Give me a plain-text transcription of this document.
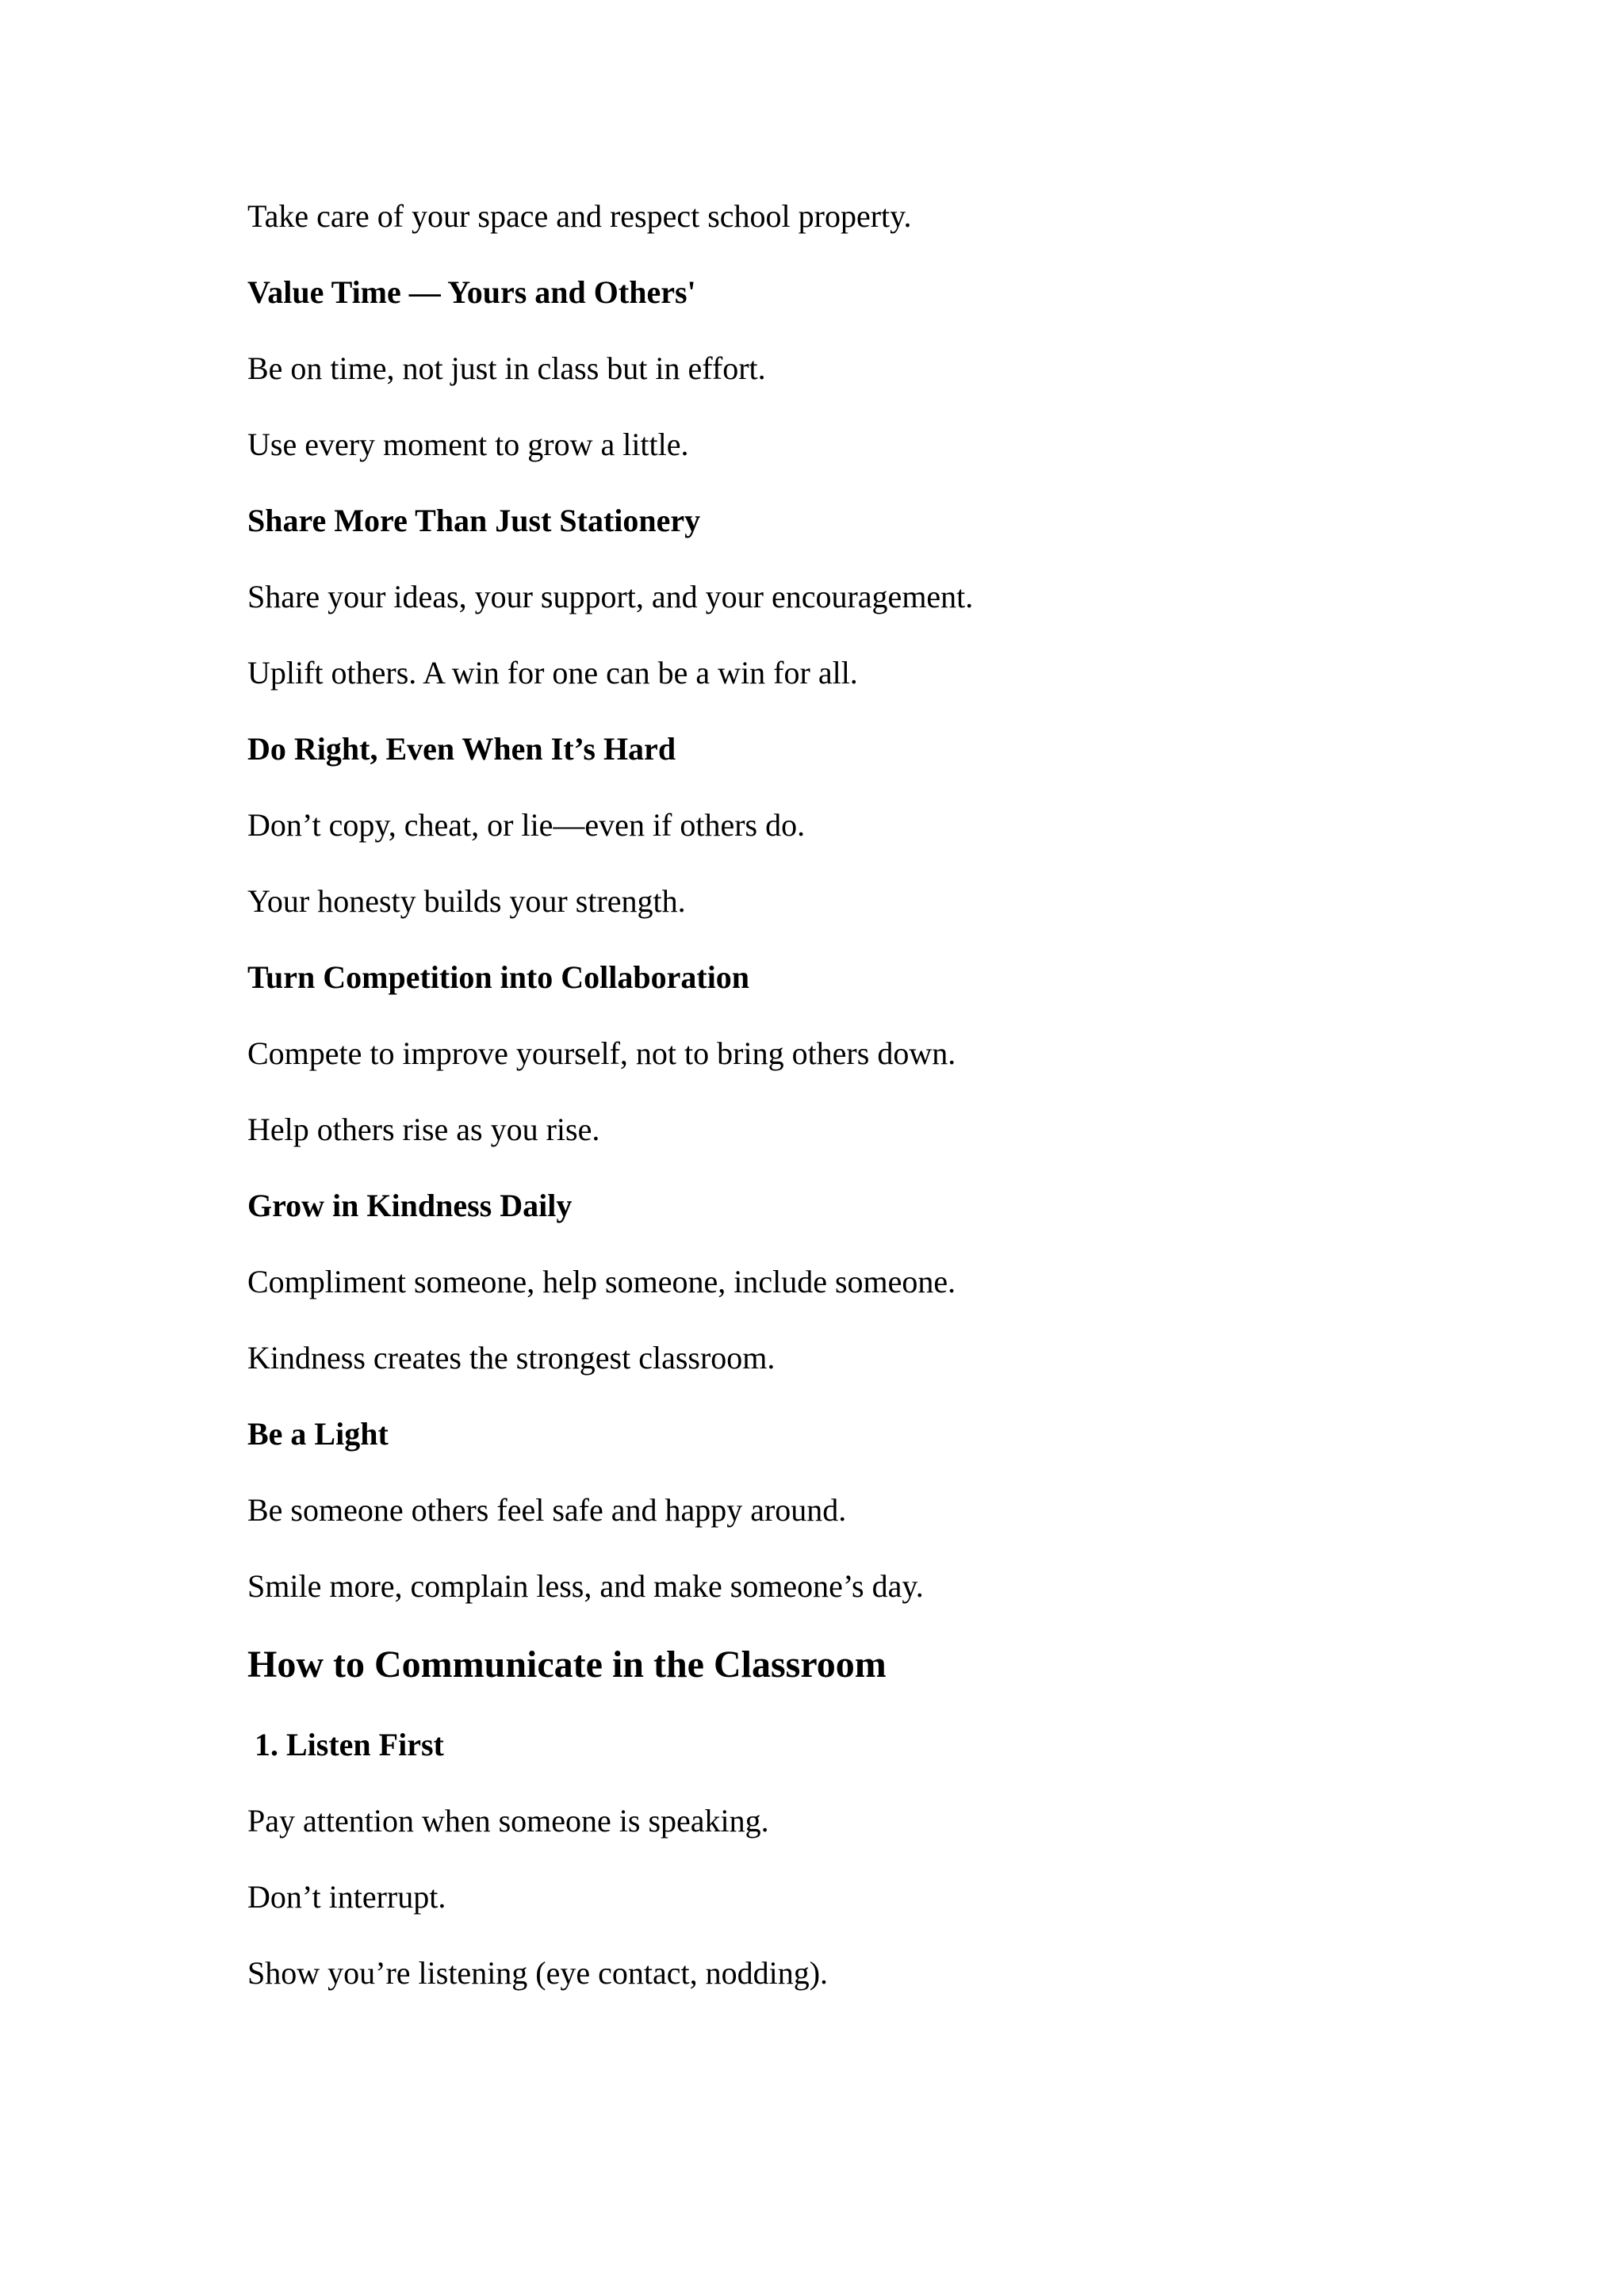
Take care of your space and respect school property.

Value Time — Yours and Others'

Be on time, not just in class but in effort.

Use every moment to grow a little.

Share More Than Just Stationery

Share your ideas, your support, and your encouragement.

Uplift others. A win for one can be a win for all.

Do Right, Even When It’s Hard

Don’t copy, cheat, or lie—even if others do.

Your honesty builds your strength.

Turn Competition into Collaboration

Compete to improve yourself, not to bring others down.

Help others rise as you rise.

Grow in Kindness Daily

Compliment someone, help someone, include someone.

Kindness creates the strongest classroom.

Be a Light

Be someone others feel safe and happy around.

Smile more, complain less, and make someone’s day.

How to Communicate in the Classroom

1. Listen First

Pay attention when someone is speaking.

Don’t interrupt.

Show you’re listening (eye contact, nodding).
